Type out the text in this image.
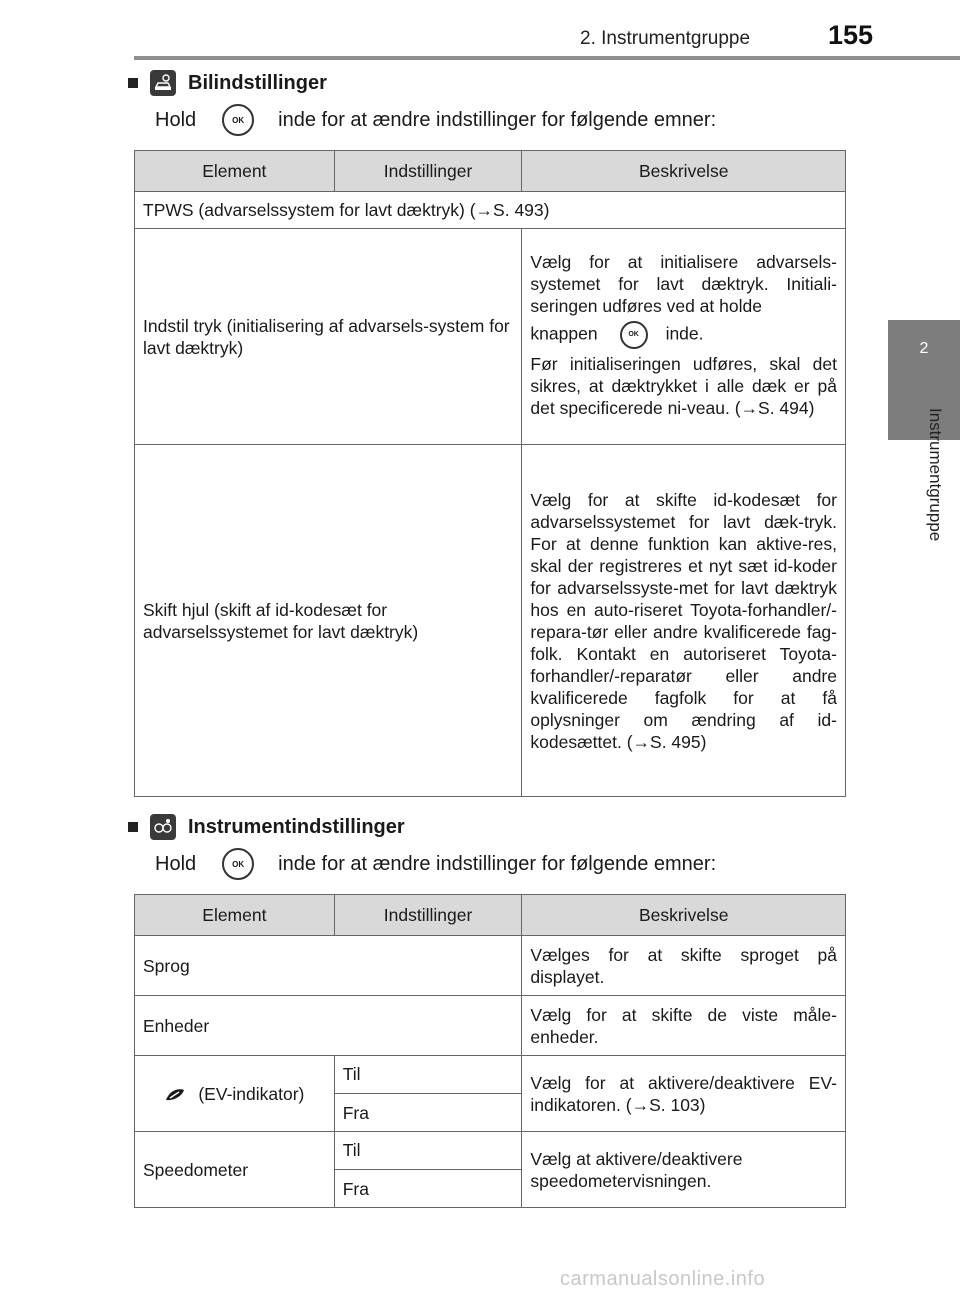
2. Instrumentgruppe	155
2
Instrumentgruppe
Bilindstillinger
Hold	OK	inde for at ændre indstillinger for følgende emner:
Element	Indstillinger	Beskrivelse
TPWS (advarselssystem for lavt dæktryk) (→S. 493)		
Indstil tryk (initialisering af advarsels-system for lavt dæktryk)		Vælg for at initialisere advarsels-systemet for lavt dæktryk. Initiali-seringen udføres ved at holde
knappen OK inde.
Før initialiseringen udføres, skal det sikres, at dæktrykket i alle dæk er på det specificerede ni-veau. (→S. 494)

Skift hjul (skift af id-kodesæt for advarselssystemet for lavt dæktryk)		Vælg for at skifte id-kodesæt for advarselssystemet for lavt dæk-tryk. For at denne funktion kan aktive-res, skal der registreres et nyt sæt id-koder for advarselssyste-met for lavt dæktryk hos en auto-riseret Toyota-forhandler/-repara-tør eller andre kvalificerede fag-folk. Kontakt en autoriseret Toyota-forhandler/-reparatør eller andre kvalificerede fagfolk for at få oplysninger om ændring af id-kodesættet. (→S. 495)
Instrumentindstillinger
Hold	OK	inde for at ændre indstillinger for følgende emner:
Element	Indstillinger	Beskrivelse
Sprog		Vælges for at skifte sproget på displayet.
Enheder		Vælg for at skifte de viste måle-enheder.
(EV-indikator)	Til	Vælg for at aktivere/deaktivere EV-indikatoren. (→S. 103)
	Fra	
Speedometer	Til	Vælg at aktivere/deaktivere speedometervisningen.
	Fra	
carmanualsonline.info
